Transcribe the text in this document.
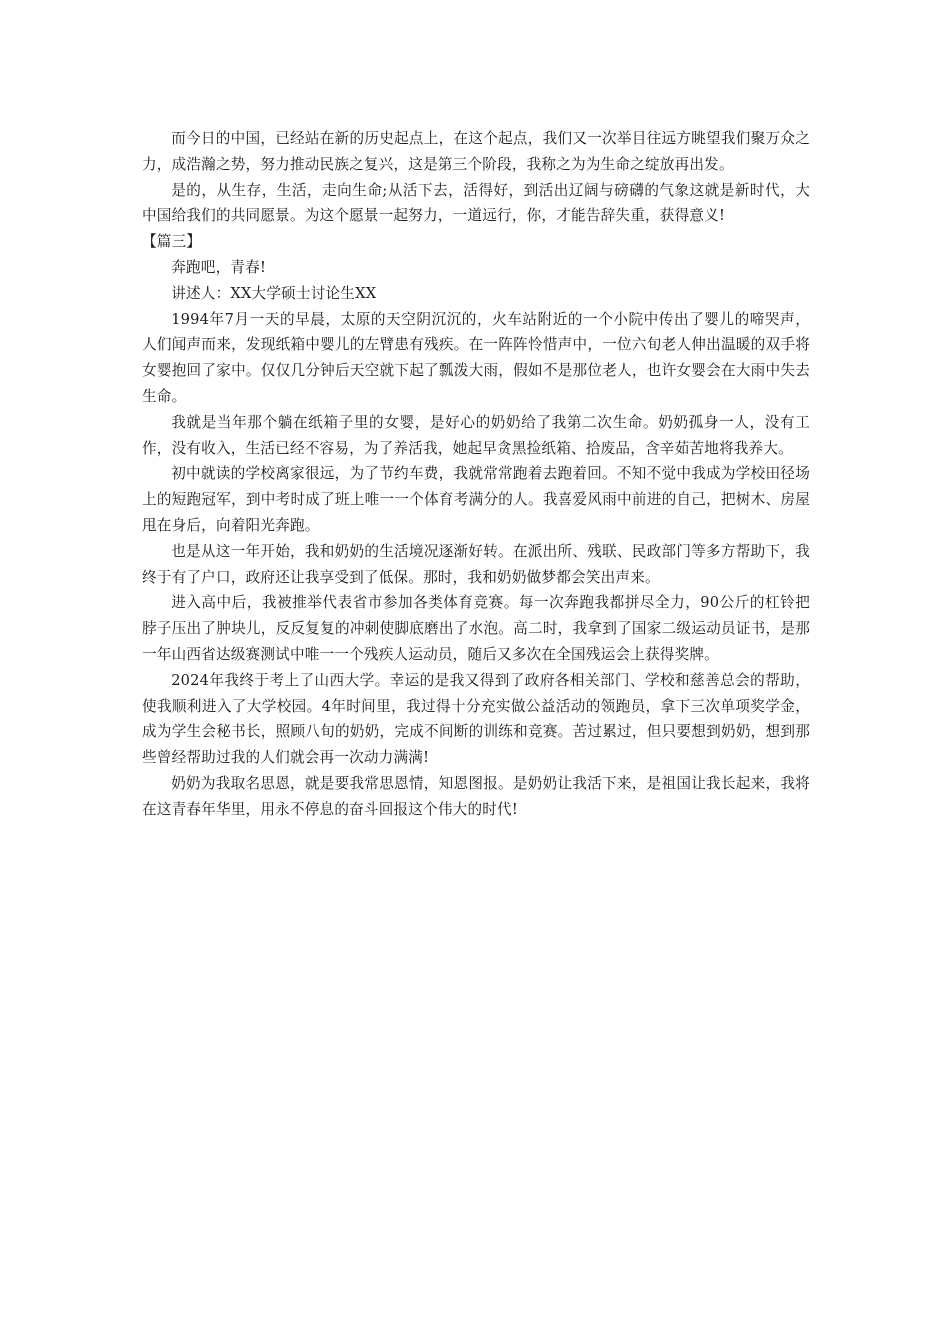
而今日的中国，已经站在新的历史起点上，在这个起点，我们又一次举目往远方眺望我们聚万众之力，成浩瀚之势，努力推动民族之复兴，这是第三个阶段，我称之为为生命之绽放再出发。

是的，从生存，生活，走向生命;从活下去，活得好，到活出辽阔与磅礴的气象这就是新时代，大中国给我们的共同愿景。为这个愿景一起努力，一道远行，你，才能告辞失重，获得意义!

【篇三】

奔跑吧，青春!

讲述人：XX大学硕士讨论生XX

1994年7月一天的早晨，太原的天空阴沉沉的，火车站附近的一个小院中传出了婴儿的啼哭声，人们闻声而来，发现纸箱中婴儿的左臂患有残疾。在一阵阵怜惜声中，一位六旬老人伸出温暖的双手将女婴抱回了家中。仅仅几分钟后天空就下起了瓢泼大雨，假如不是那位老人，也许女婴会在大雨中失去生命。

我就是当年那个躺在纸箱子里的女婴，是好心的奶奶给了我第二次生命。奶奶孤身一人，没有工作，没有收入，生活已经不容易，为了养活我，她起早贪黑捡纸箱、拾废品，含辛茹苦地将我养大。

初中就读的学校离家很远，为了节约车费，我就常常跑着去跑着回。不知不觉中我成为学校田径场上的短跑冠军，到中考时成了班上唯一一个体育考满分的人。我喜爱风雨中前进的自己，把树木、房屋甩在身后，向着阳光奔跑。

也是从这一年开始，我和奶奶的生活境况逐渐好转。在派出所、残联、民政部门等多方帮助下，我终于有了户口，政府还让我享受到了低保。那时，我和奶奶做梦都会笑出声来。

进入高中后，我被推举代表省市参加各类体育竞赛。每一次奔跑我都拼尽全力，90公斤的杠铃把脖子压出了肿块儿，反反复复的冲刺使脚底磨出了水泡。高二时，我拿到了国家二级运动员证书，是那一年山西省达级赛测试中唯一一个残疾人运动员，随后又多次在全国残运会上获得奖牌。

2024年我终于考上了山西大学。幸运的是我又得到了政府各相关部门、学校和慈善总会的帮助，使我顺利进入了大学校园。4年时间里，我过得十分充实做公益活动的领跑员，拿下三次单项奖学金，成为学生会秘书长，照顾八旬的奶奶，完成不间断的训练和竞赛。苦过累过，但只要想到奶奶，想到那些曾经帮助过我的人们就会再一次动力满满!

奶奶为我取名思恩，就是要我常思恩情，知恩图报。是奶奶让我活下来，是祖国让我长起来，我将在这青春年华里，用永不停息的奋斗回报这个伟大的时代!
